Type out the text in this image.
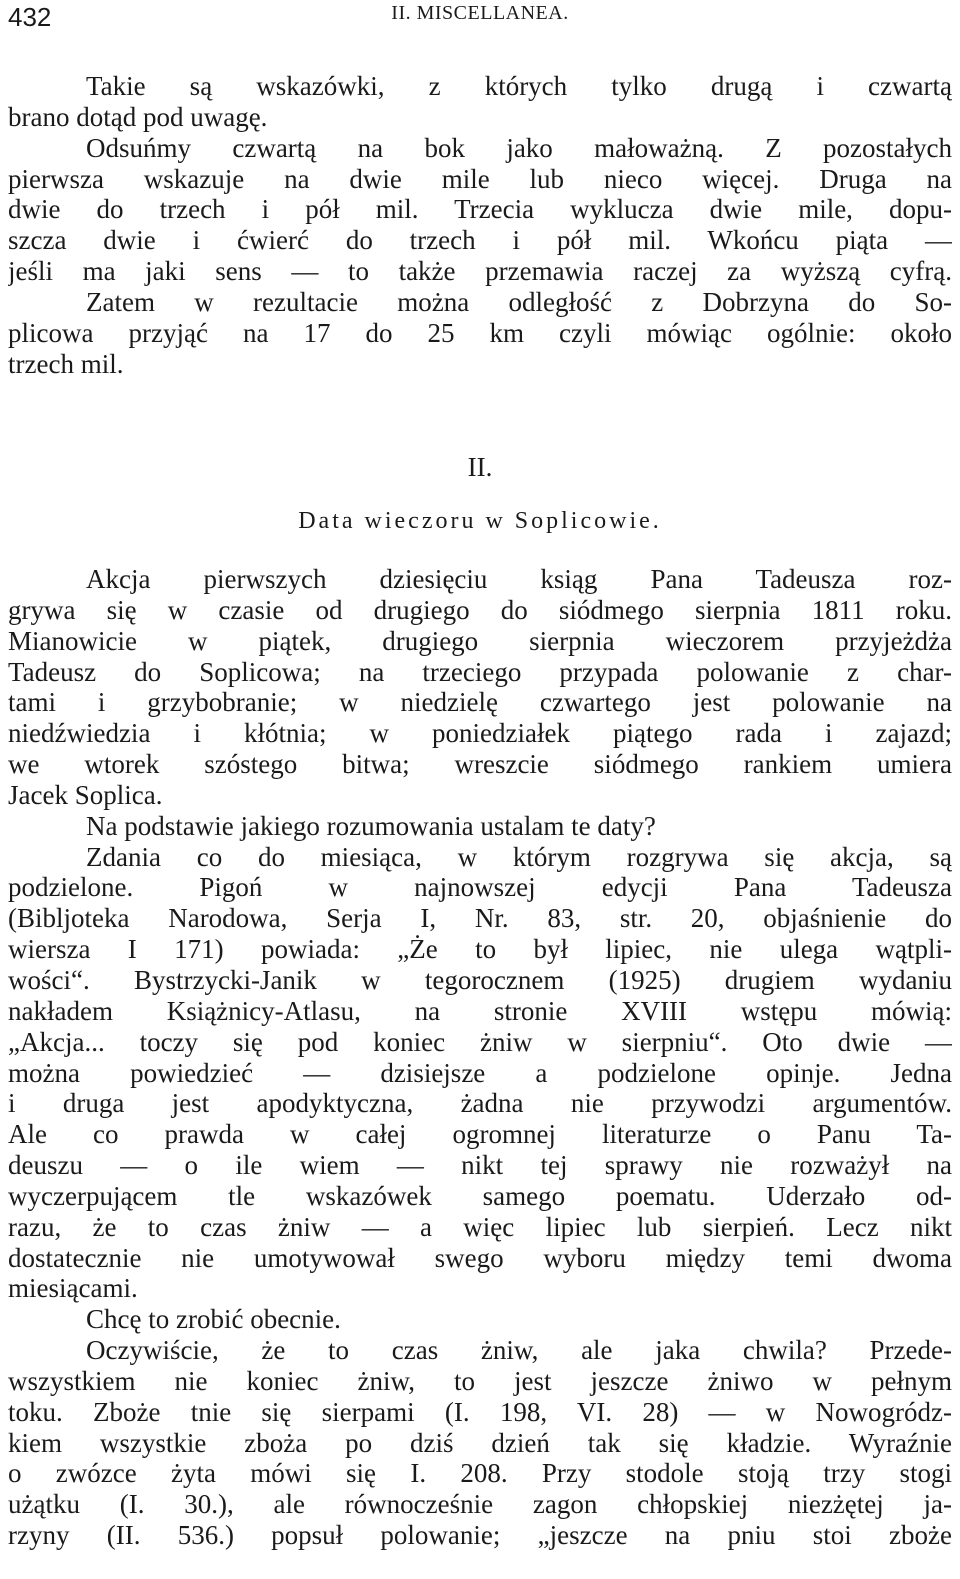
432	II. MISCELLANEA.
Takie są wskazówki, z których tylko drugą i czwartą
brano dotąd pod uwagę.
Odsuńmy czwartą na bok jako małoważną. Z pozostałych
pierwsza wskazuje na dwie mile lub nieco więcej. Druga na
dwie do trzech i pół mil. Trzecia wyklucza dwie mile, dopu-
szcza dwie i ćwierć do trzech i pół mil. Wkońcu piąta —
jeśli ma jaki sens — to także przemawia raczej za wyższą cyfrą.
Zatem w rezultacie można odległość z Dobrzyna do So-
plicowa przyjąć na 17 do 25 km czyli mówiąc ogólnie: około
trzech mil.
II.
Data wieczoru w Soplicowie.
Akcja pierwszych dziesięciu ksiąg Pana Tadeusza roz-
grywa się w czasie od drugiego do siódmego sierpnia 1811 roku.
Mianowicie w piątek, drugiego sierpnia wieczorem przyjeżdża
Tadeusz do Soplicowa; na trzeciego przypada polowanie z char-
tami i grzybobranie; w niedzielę czwartego jest polowanie na
niedźwiedzia i kłótnia; w poniedziałek piątego rada i zajazd;
we wtorek szóstego bitwa; wreszcie siódmego rankiem umiera
Jacek Soplica.
Na podstawie jakiego rozumowania ustalam te daty?
Zdania co do miesiąca, w którym rozgrywa się akcja, są
podzielone. Pigoń w najnowszej edycji Pana Tadeusza
(Bibljoteka Narodowa, Serja I, Nr. 83, str. 20, objaśnienie do
wiersza I 171) powiada: „Że to był lipiec, nie ulega wątpli-
wości“. Bystrzycki-Janik w tegorocznem (1925) drugiem wydaniu
nakładem Książnicy-Atlasu, na stronie XVIII wstępu mówią:
„Akcja... toczy się pod koniec żniw w sierpniu“. Oto dwie —
można powiedzieć — dzisiejsze a podzielone opinje. Jedna
i druga jest apodyktyczna, żadna nie przywodzi argumentów.
Ale co prawda w całej ogromnej literaturze o Panu Ta-
deuszu — o ile wiem — nikt tej sprawy nie rozważył na
wyczerpującem tle wskazówek samego poematu. Uderzało od-
razu, że to czas żniw — a więc lipiec lub sierpień. Lecz nikt
dostatecznie nie umotywował swego wyboru między temi dwoma
miesiącami.
Chcę to zrobić obecnie.
Oczywiście, że to czas żniw, ale jaka chwila? Przede-
wszystkiem nie koniec żniw, to jest jeszcze żniwo w pełnym
toku. Zboże tnie się sierpami (I. 198, VI. 28) — w Nowogródz-
kiem wszystkie zboża po dziś dzień tak się kładzie. Wyraźnie
o zwózce żyta mówi się I. 208. Przy stodole stoją trzy stogi
użątku (I. 30.), ale równocześnie zagon chłopskiej niezżętej ja-
rzyny (II. 536.) popsuł polowanie; „jeszcze na pniu stoi zboże
